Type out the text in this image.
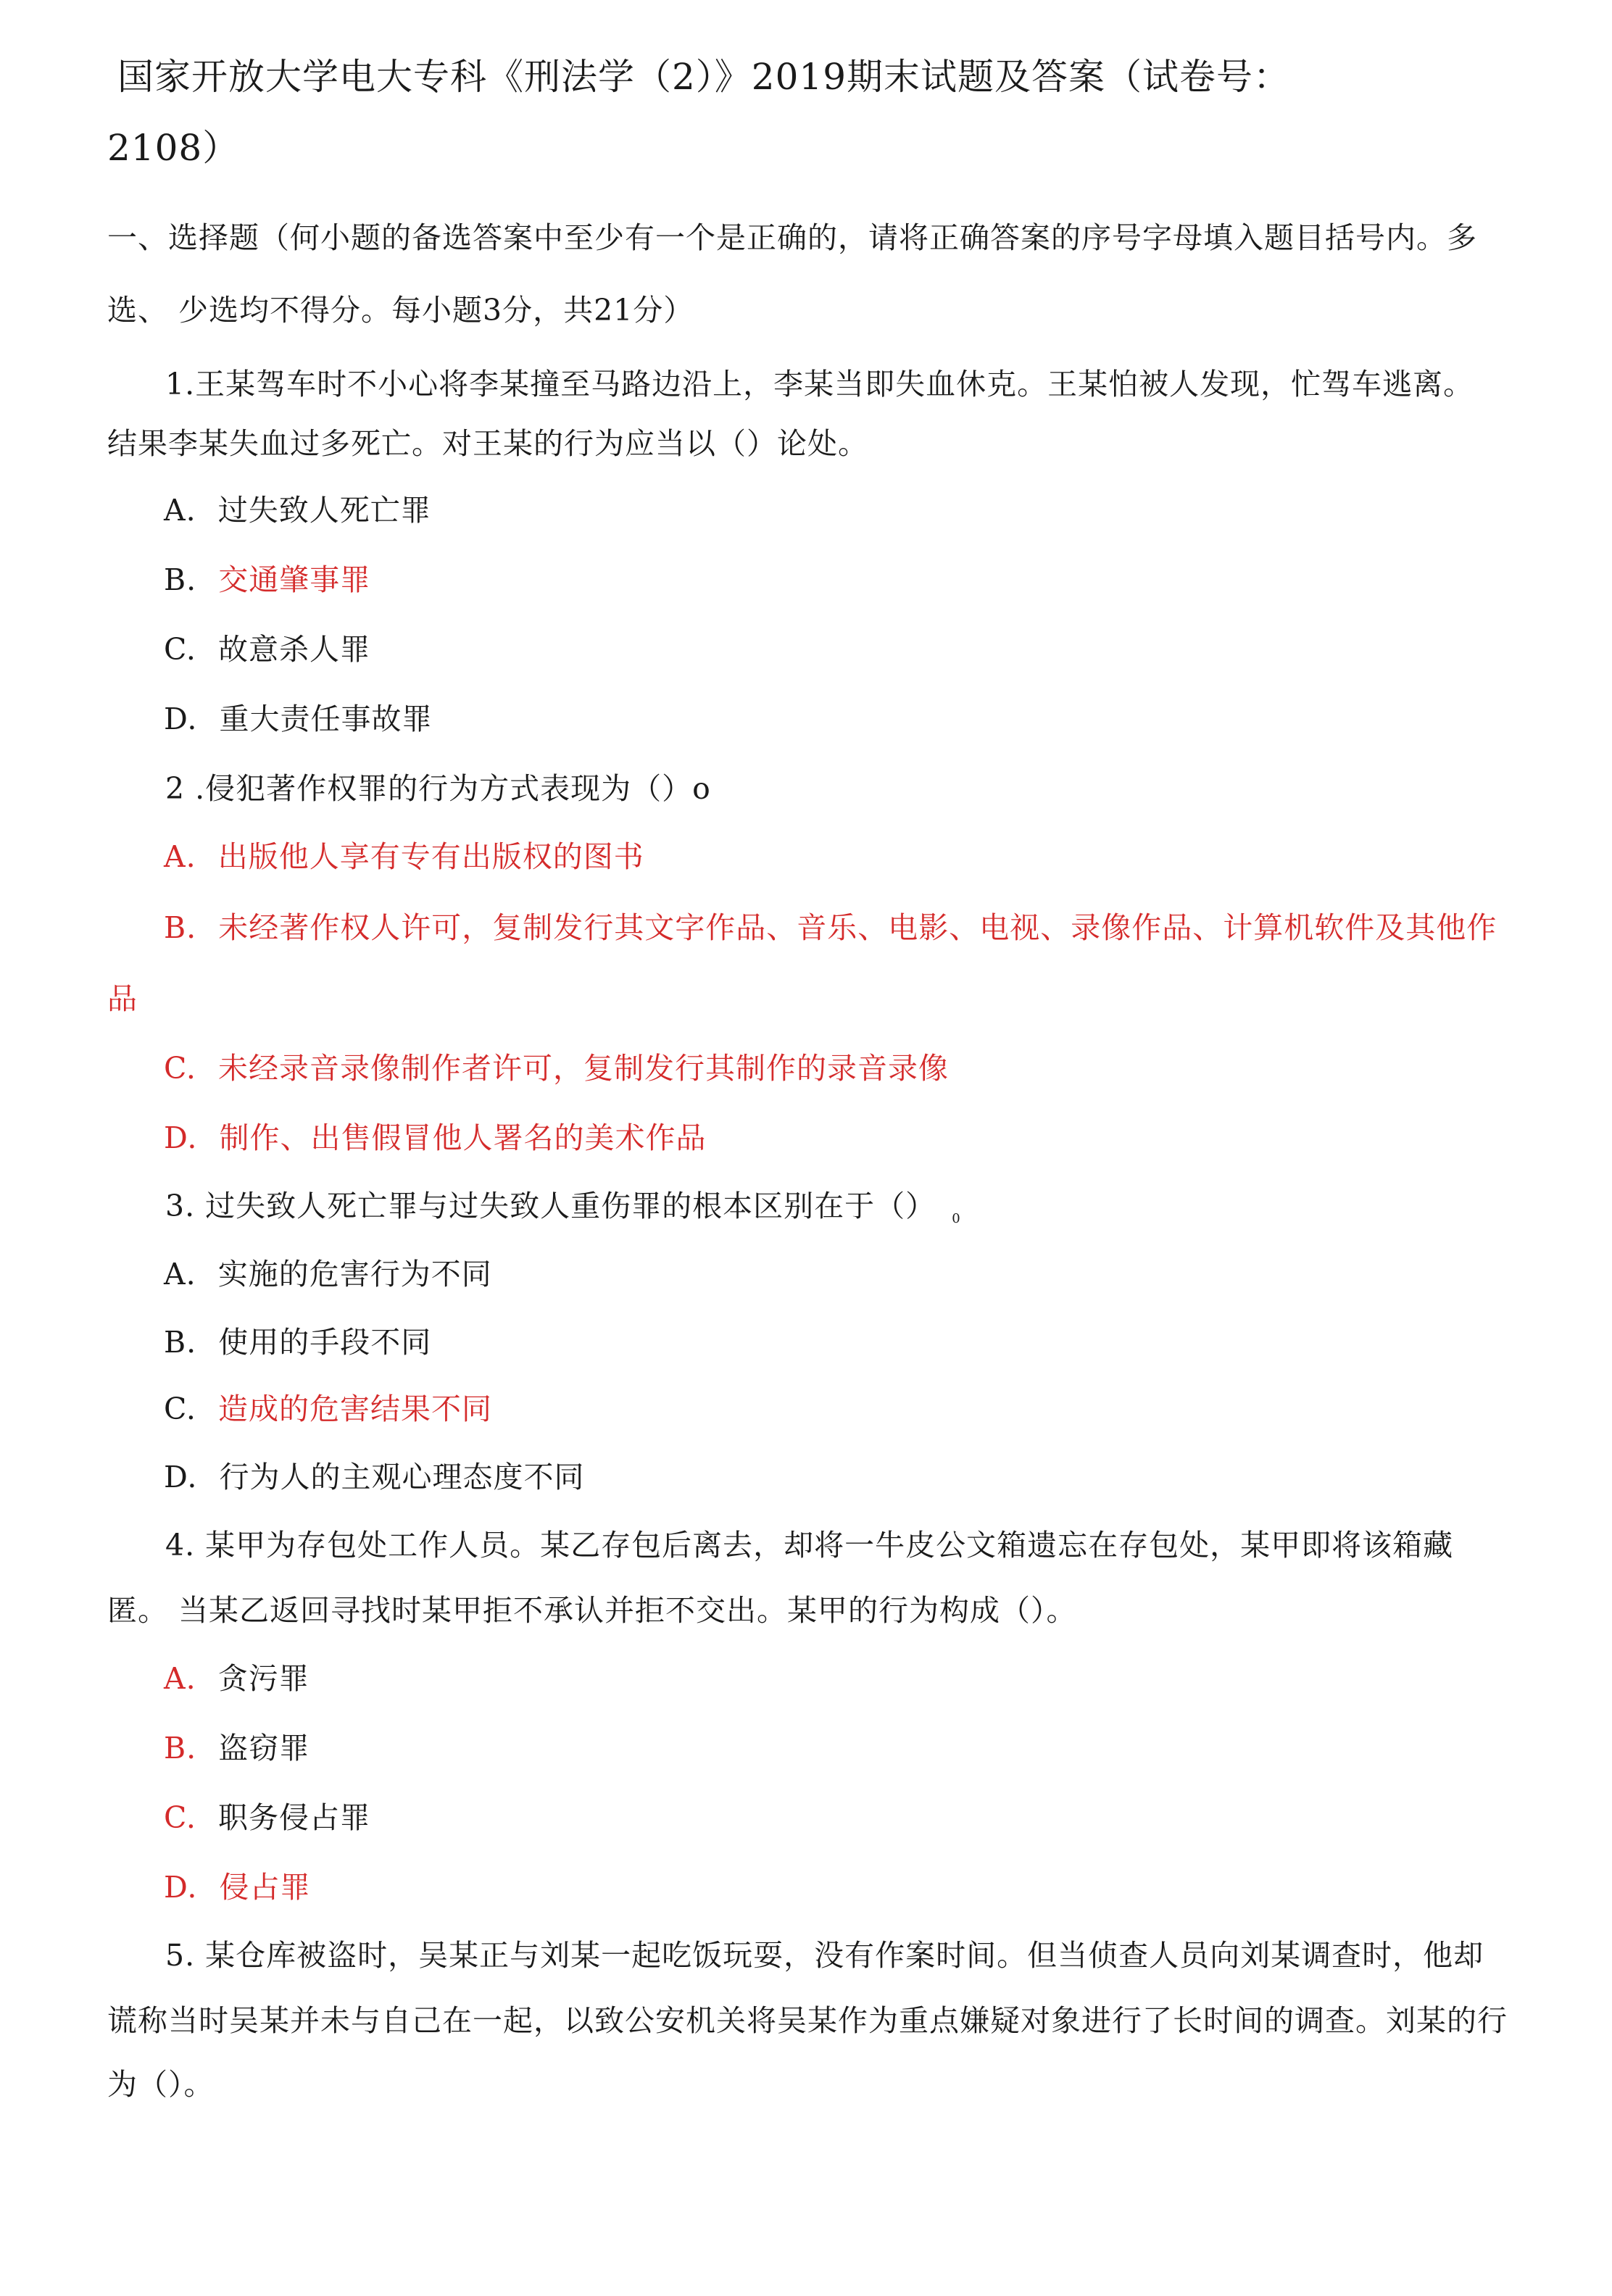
国家开放大学电大专科《刑法学（2）》2019期末试题及答案（试卷号：
2108）
一、选择题（何小题的备选答案中至少有一个是正确的，请将正确答案的序号字母填入题目括号内。多
选、 少选均不得分。每小题3分，共21分）
1.王某驾车时不小心将李某撞至马路边沿上，李某当即失血休克。王某怕被人发现，忙驾车逃离。
结果李某失血过多死亡。对王某的行为应当以（）论处。
A. 过失致人死亡罪
B. 交通肇事罪
C. 故意杀人罪
D. 重大责任事故罪
2 .侵犯著作权罪的行为方式表现为（）o
A. 出版他人享有专有出版权的图书
B. 未经著作权人许可，复制发行其文字作品、音乐、电影、电视、录像作品、计算机软件及其他作
品
C. 未经录音录像制作者许可，复制发行其制作的录音录像
D. 制作、出售假冒他人署名的美术作品
3. 过失致人死亡罪与过失致人重伤罪的根本区别在于（） $_0$
A. 实施的危害行为不同
B. 使用的手段不同
C. 造成的危害结果不同
D. 行为人的主观心理态度不同
4. 某甲为存包处工作人员。某乙存包后离去，却将一牛皮公文箱遗忘在存包处，某甲即将该箱藏
匿。 当某乙返回寻找时某甲拒不承认并拒不交出。某甲的行为构成（）。
A. 贪污罪
B. 盗窃罪
C. 职务侵占罪
D. 侵占罪
5. 某仓库被盗时，吴某正与刘某一起吃饭玩耍，没有作案时间。但当侦查人员向刘某调查时，他却
谎称当时吴某并未与自己在一起，以致公安机关将吴某作为重点嫌疑对象进行了长时间的调查。刘某的行
为（）。
